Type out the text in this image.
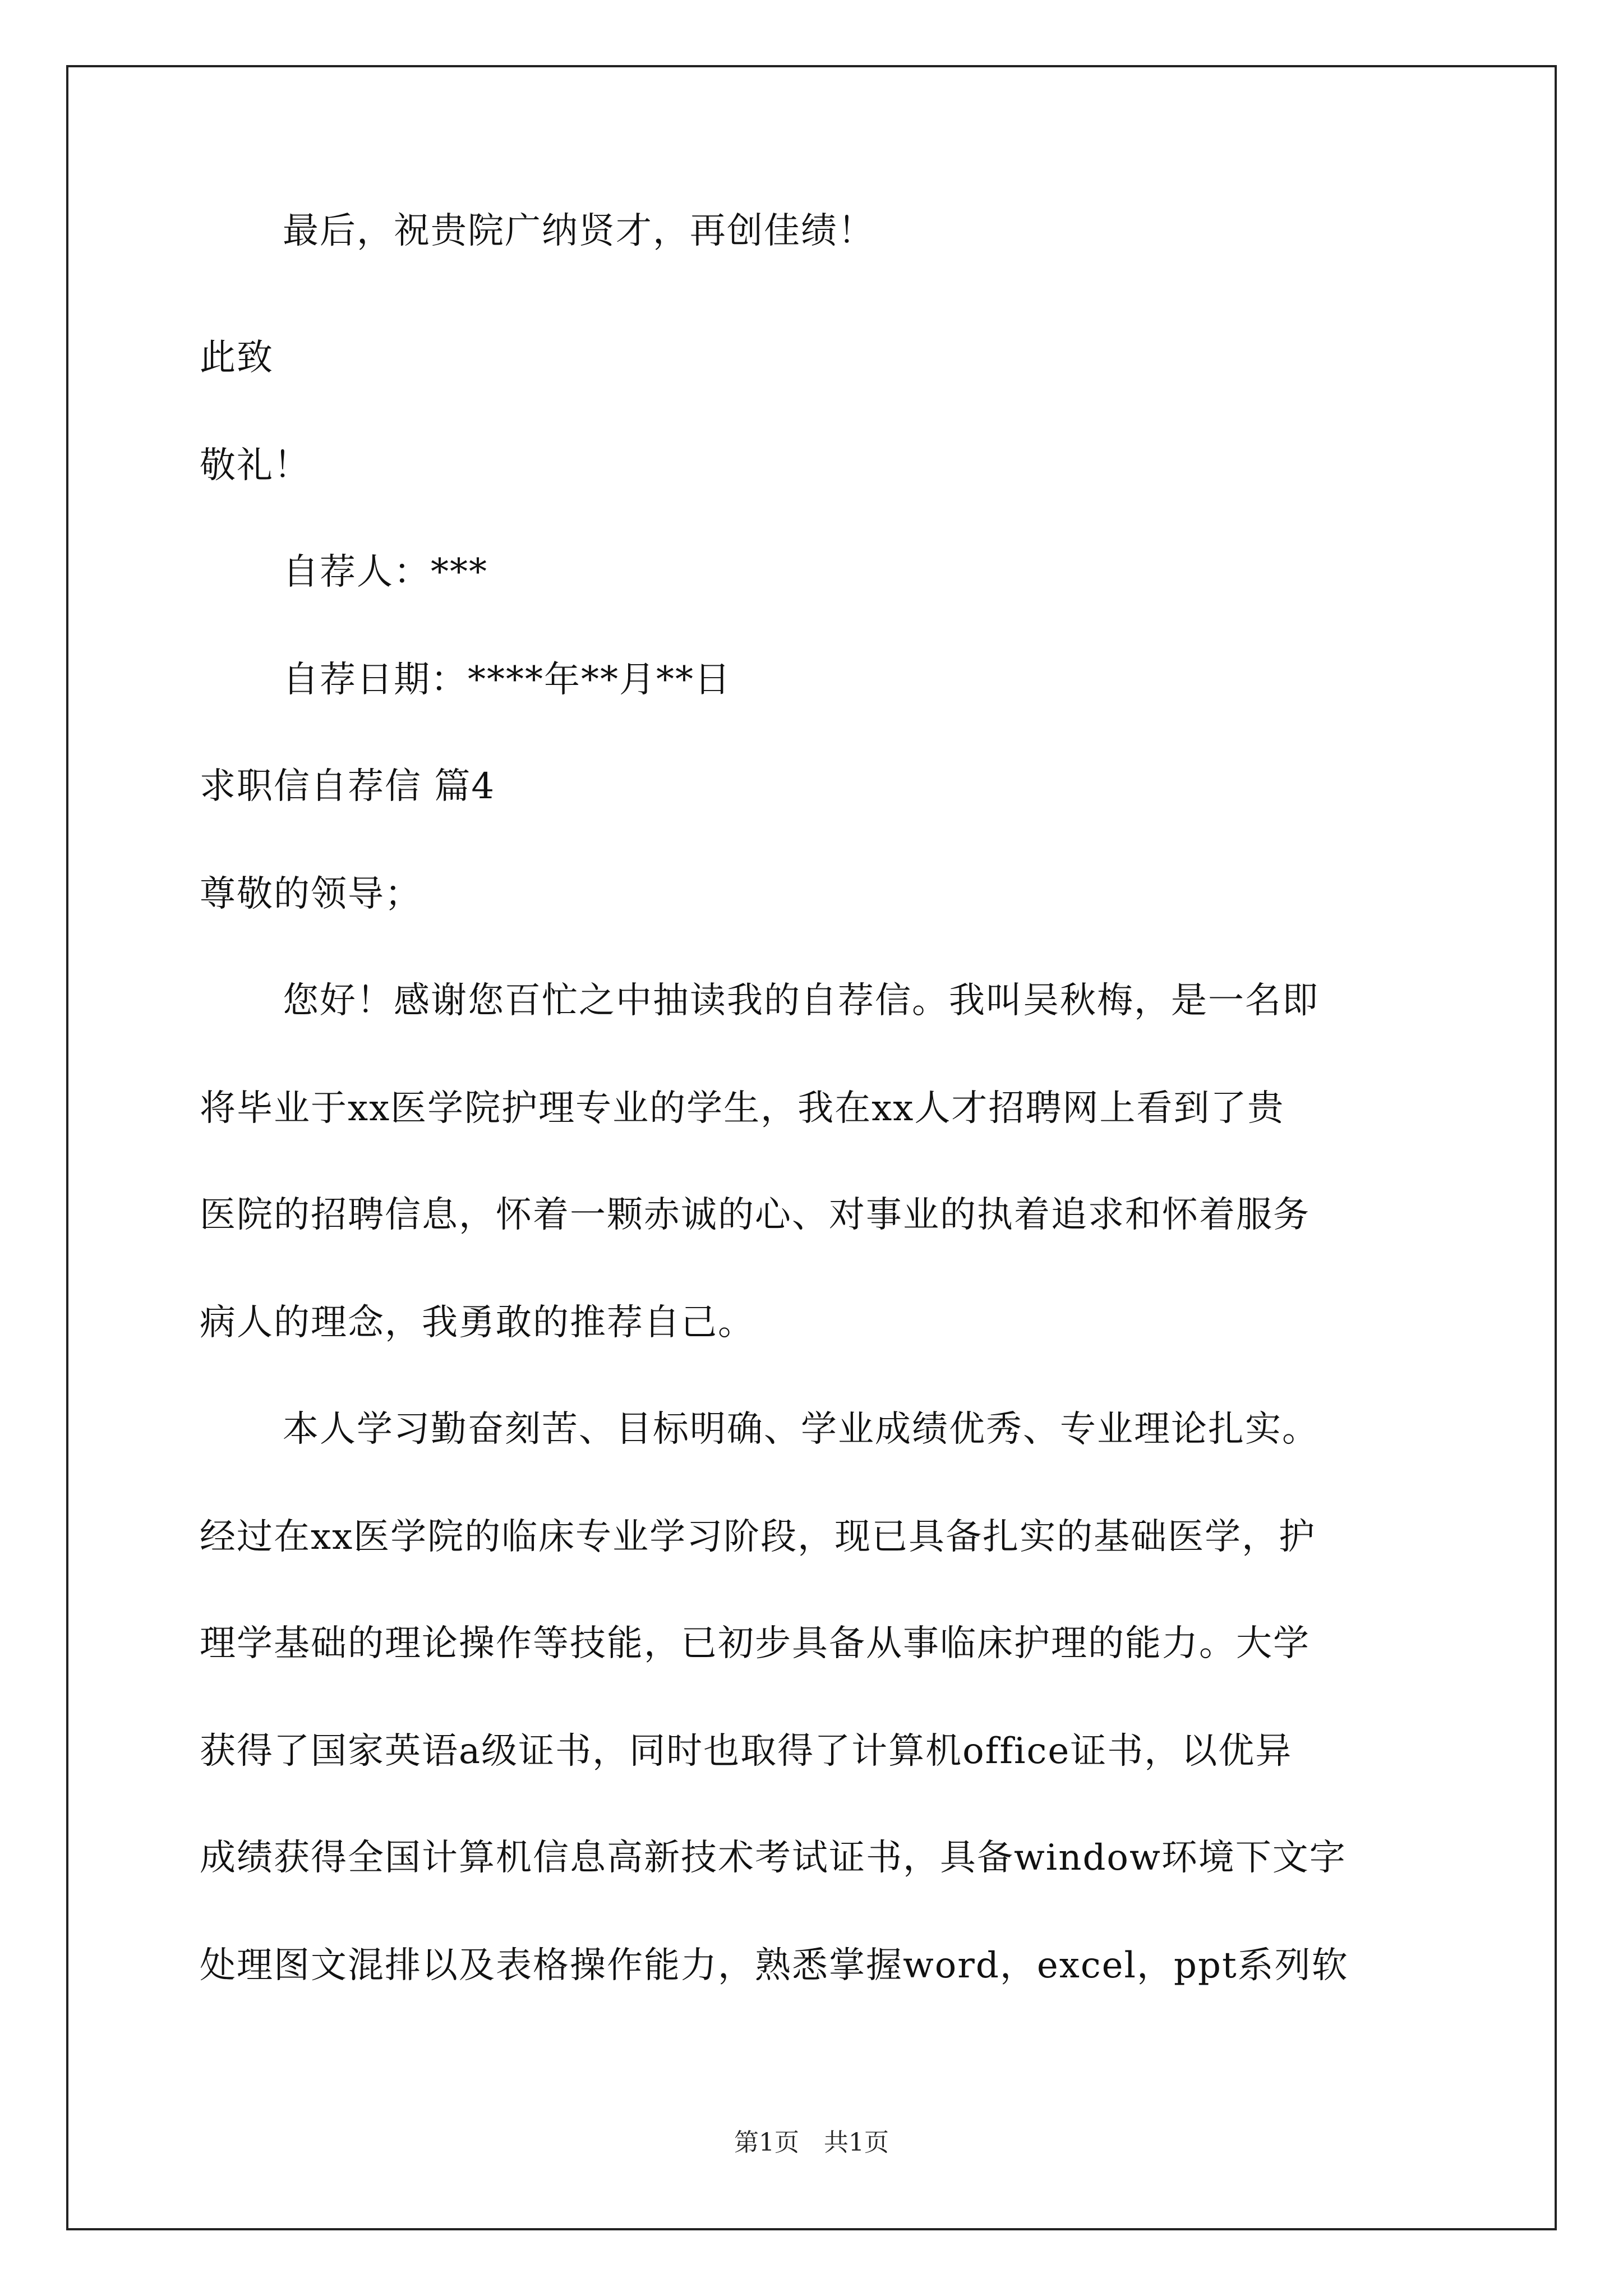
最后，祝贵院广纳贤才，再创佳绩！

此致

敬礼！

自荐人：***

自荐日期：****年**月**日

求职信自荐信 篇4

尊敬的领导；

您好！感谢您百忙之中抽读我的自荐信。我叫吴秋梅，是一名即

将毕业于xx医学院护理专业的学生，我在xx人才招聘网上看到了贵

医院的招聘信息，怀着一颗赤诚的心、对事业的执着追求和怀着服务

病人的理念，我勇敢的推荐自己。

本人学习勤奋刻苦、目标明确、学业成绩优秀、专业理论扎实。

经过在xx医学院的临床专业学习阶段，现已具备扎实的基础医学，护

理学基础的理论操作等技能，已初步具备从事临床护理的能力。大学

获得了国家英语a级证书，同时也取得了计算机office证书，以优异

成绩获得全国计算机信息高新技术考试证书，具备window环境下文字

处理图文混排以及表格操作能力，熟悉掌握word，excel，ppt系列软

第1页　共1页
